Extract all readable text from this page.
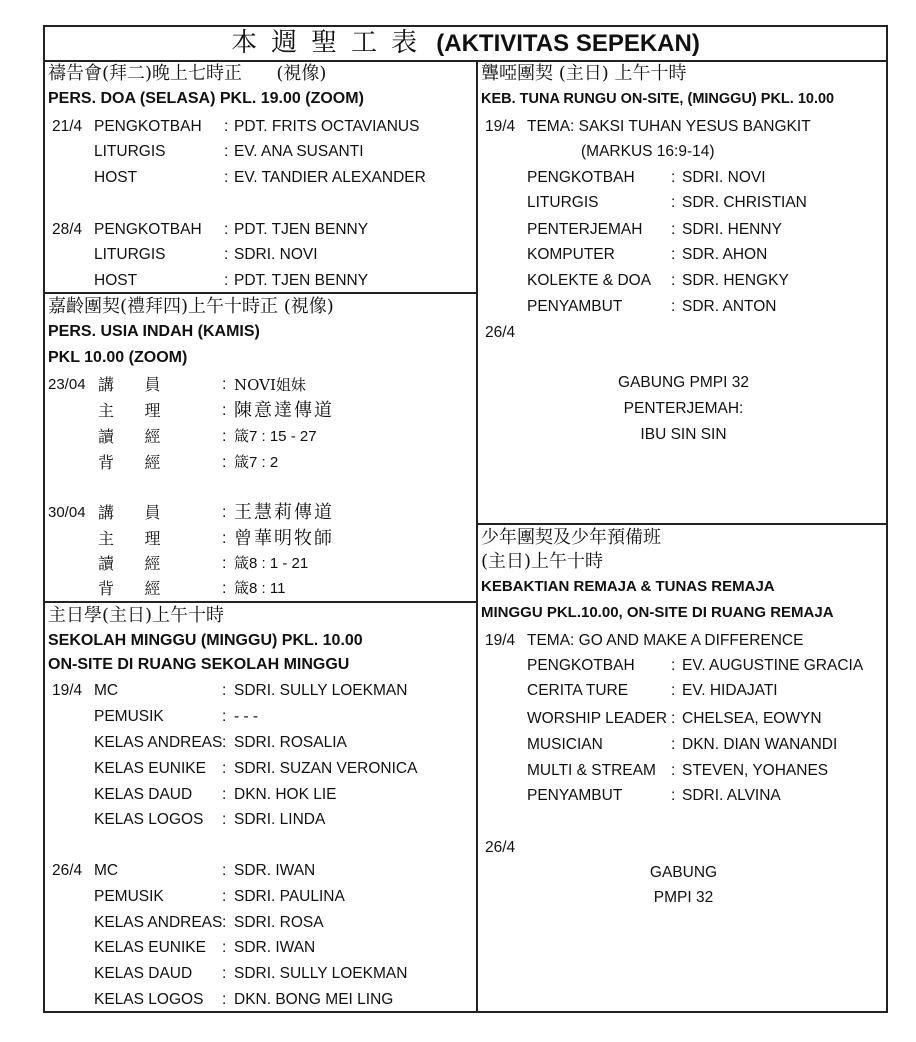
本週聖工表 (AKTIVITAS SEPEKAN)
禱告會(拜二)晚上七時正      (視像)
PERS. DOA (SELASA) PKL. 19.00 (ZOOM)
21/4 PENGKOTBAH : PDT. FRITS OCTAVIANUS
LITURGIS	: EV. ANA SUSANTI
HOST	: EV. TANDIER ALEXANDER
28/4 PENGKOTBAH : PDT. TJEN BENNY
LITURGIS	: SDRI. NOVI
HOST	: PDT. TJEN BENNY
嘉齡團契(禮拜四)上午十時正 (視像)
PERS. USIA INDAH (KAMIS)
PKL 10.00 (ZOOM)
23/04 講      員	: NOVI姐妹
主      理	: 陳意達傳道
讀      經	: 箴7 : 15 - 27
背      經	: 箴7 : 2
30/04 講      員	: 王慧莉傳道
主      理	: 曾華明牧師
讀      經	: 箴8 : 1 - 21
背      經	: 箴8 : 11
主日學(主日)上午十時
SEKOLAH MINGGU (MINGGU) PKL. 10.00
ON-SITE DI RUANG SEKOLAH MINGGU
19/4 MC	: SDRI. SULLY LOEKMAN
PEMUSIK	: - - -
KELAS ANDREAS : SDRI. ROSALIA
KELAS EUNIKE : SDRI. SUZAN VERONICA
KELAS DAUD : DKN. HOK LIE
KELAS LOGOS : SDRI. LINDA
26/4 MC	: SDR. IWAN
PEMUSIK	: SDRI. PAULINA
KELAS ANDREAS : SDRI. ROSA
KELAS EUNIKE : SDR. IWAN
KELAS DAUD : SDRI. SULLY LOEKMAN
KELAS LOGOS : DKN. BONG MEI LING
聾啞團契 (主日) 上午十時
KEB. TUNA RUNGU ON-SITE, (MINGGU) PKL. 10.00
19/4 TEMA: SAKSI TUHAN YESUS BANGKIT
(MARKUS 16:9-14)
PENGKOTBAH : SDRI. NOVI
LITURGIS	: SDR. CHRISTIAN
PENTERJEMAH : SDRI. HENNY
KOMPUTER	: SDR. AHON
KOLEKTE & DOA : SDR. HENGKY
PENYAMBUT	: SDR. ANTON
26/4
GABUNG PMPI 32
PENTERJEMAH:
IBU SIN SIN
少年團契及少年預備班
(主日)上午十時
KEBAKTIAN REMAJA & TUNAS REMAJA
MINGGU PKL.10.00, ON-SITE DI RUANG REMAJA
19/4 TEMA: GO AND MAKE A DIFFERENCE
PENGKOTBAH : EV. AUGUSTINE GRACIA
CERITA TURE	: EV. HIDAJATI
WORSHIP LEADER : CHELSEA, EOWYN
MUSICIAN	: DKN. DIAN WANANDI
MULTI & STREAM : STEVEN, YOHANES
PENYAMBUT	: SDRI. ALVINA
26/4
GABUNG
PMPI 32
